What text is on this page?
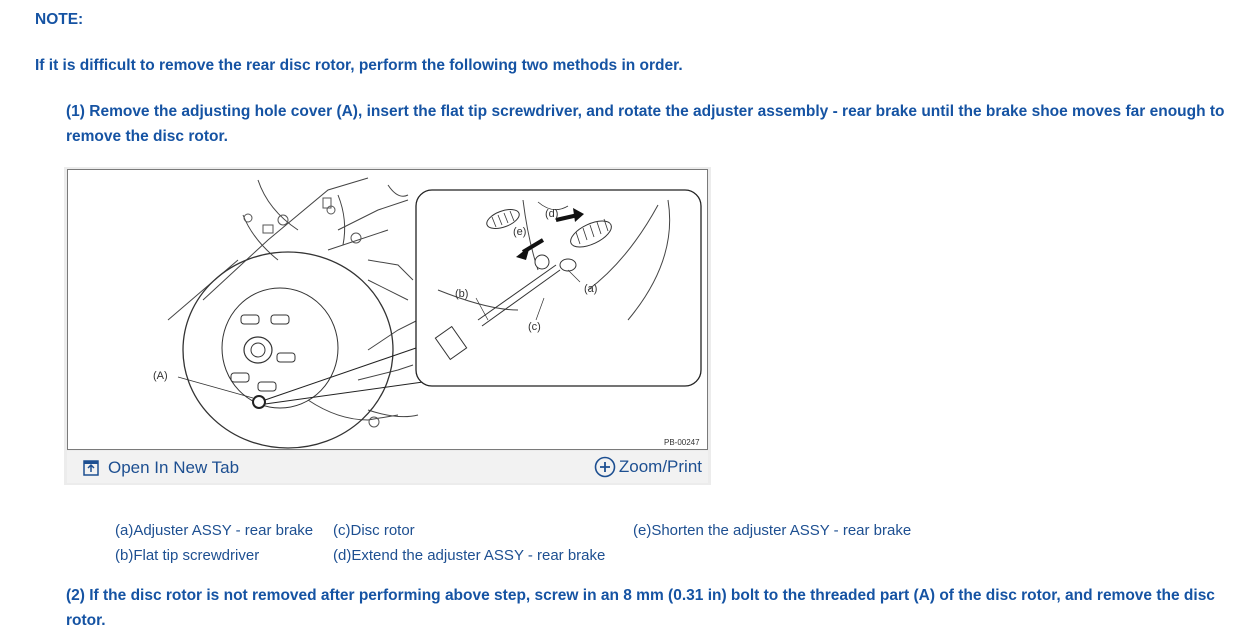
NOTE:
If it is difficult to remove the rear disc rotor, perform the following two methods in order.
(1) Remove the adjusting hole cover (A), insert the flat tip screwdriver, and rotate the adjuster assembly - rear brake until the brake shoe moves far enough to remove the disc rotor.
(A)
(b)
(c)
(d)
(e)
(a)
PB-00247
Open In New Tab	Zoom/Print
(a)Adjuster ASSY - rear brake
(b)Flat tip screwdriver
(c)Disc rotor
(d)Extend the adjuster ASSY - rear brake
(e)Shorten the adjuster ASSY - rear brake
(2) If the disc rotor is not removed after performing above step, screw in an 8 mm (0.31 in) bolt to the threaded part (A) of the disc rotor, and remove the disc rotor.
